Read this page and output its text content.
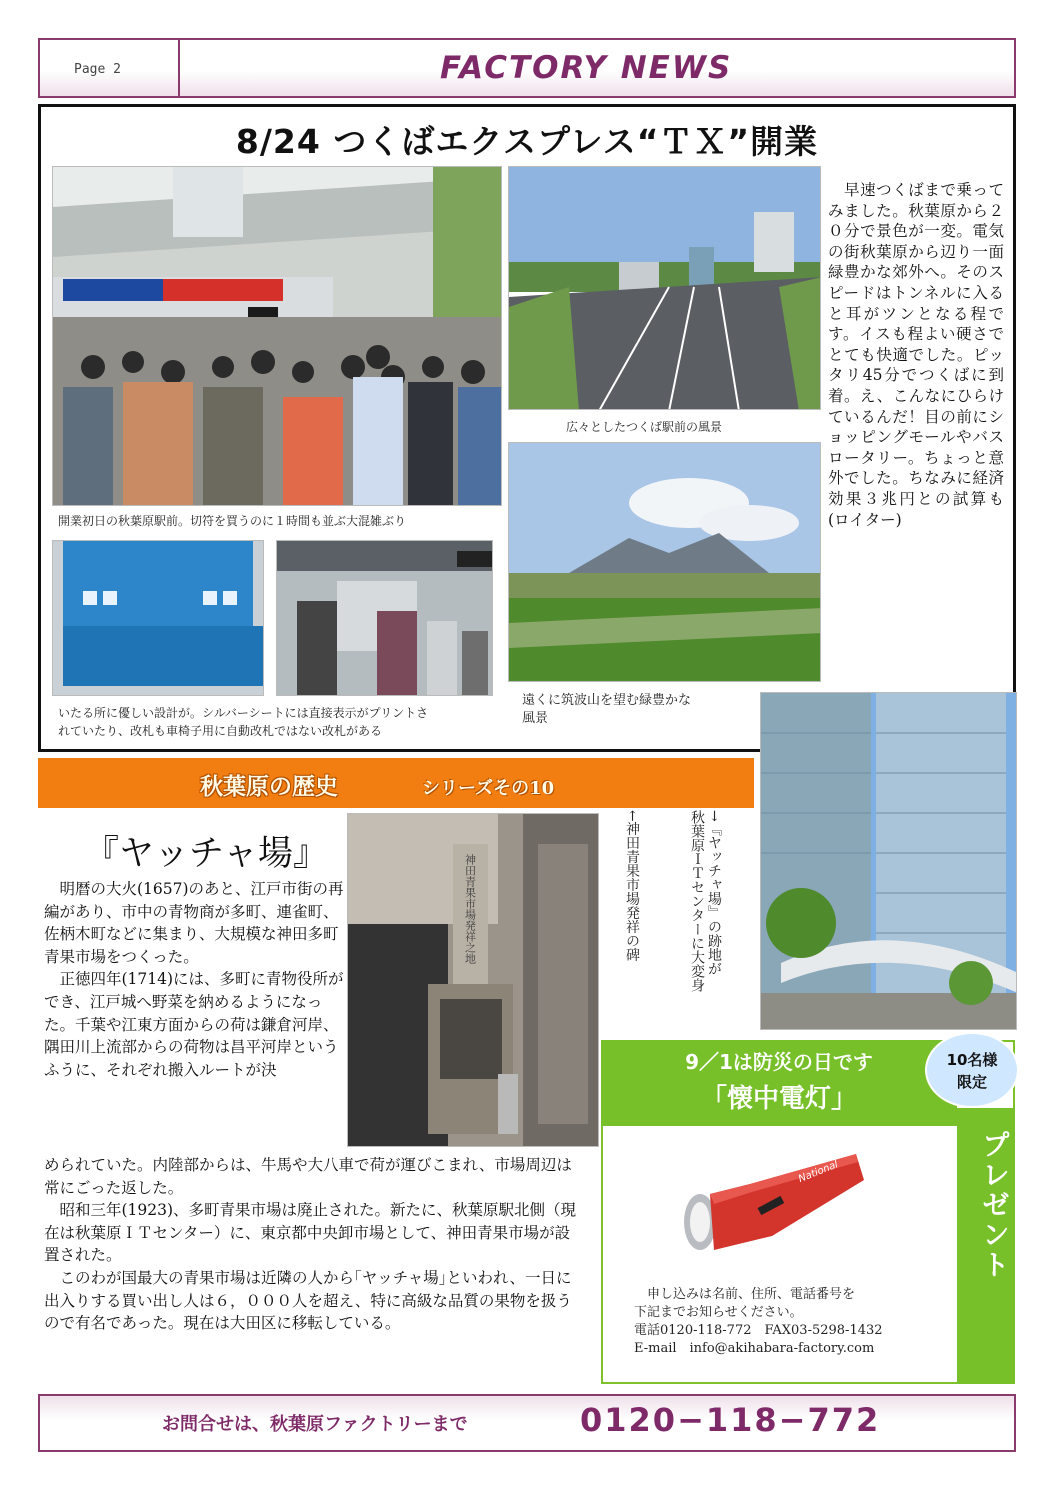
Page 2	FACTORY NEWS
8/24 つくばエクスプレス“ＴＸ”開業
開業初日の秋葉原駅前。切符を買うのに１時間も並ぶ大混雑ぶり
広々としたつくば駅前の風景
遠くに筑波山を望む緑豊かな
風景
いたる所に優しい設計が。シルバーシートには直接表示がプリントさ
れていたり、改札も車椅子用に自動改札ではない改札がある
　早速つくばまで乗ってみました。秋葉原から２０分で景色が一変。電気の街秋葉原から辺り一面緑豊かな郊外へ。そのスピードはトンネルに入ると耳がツンとなる程です。イスも程よい硬さでとても快適でした。ピッタリ45分でつくばに到着。え、こんなにひらけているんだ！目の前にショッピングモールやバスロータリー。ちょっと意外でした。ちなみに経済効果３兆円との試算も(ロイター)
秋葉原の歴史	シリーズその10
『ヤッチャ場』

　明暦の大火(1657)のあと、江戸市街の再編があり、市中の青物商が多町、連雀町、佐柄木町などに集まり、大規模な神田多町青果市場をつくった。

　正徳四年(1714)には、多町に青物役所ができ、江戸城へ野菜を納めるようになった。千葉や江東方面からの荷は鎌倉河岸、隅田川上流部からの荷物は昌平河岸というふうに、それぞれ搬入ルートが決

められていた。内陸部からは、牛馬や大八車で荷が運びこまれ、市場周辺は常にごった返した。

　昭和三年(1923)、多町青果市場は廃止された。新たに、秋葉原駅北側（現在は秋葉原ＩＴセンター）に、東京都中央卸市場として、神田青果市場が設置された。

　このわが国最大の青果市場は近隣の人から｢ヤッチャ場｣といわれ、一日に出入りする買い出し人は６，０００人を超え、特に高級な品質の果物を扱うので有名であった。現在は大田区に移転している。

神田青果市場発祥之地	←神田青果市場発祥の碑	→『ヤッチャ場』の跡地が
秋葉原ＩＴセンターに大変身
9／1は防災の日です
「懐中電灯」
10名様
限定
プレゼント
National
　申し込みは名前、住所、電話番号を
下記までお知らせください。
電話0120-118-772　FAX03-5298-1432
E-mail　info@akihabara-factory.com
お問合せは、秋葉原ファクトリーまで	0120−118−772
